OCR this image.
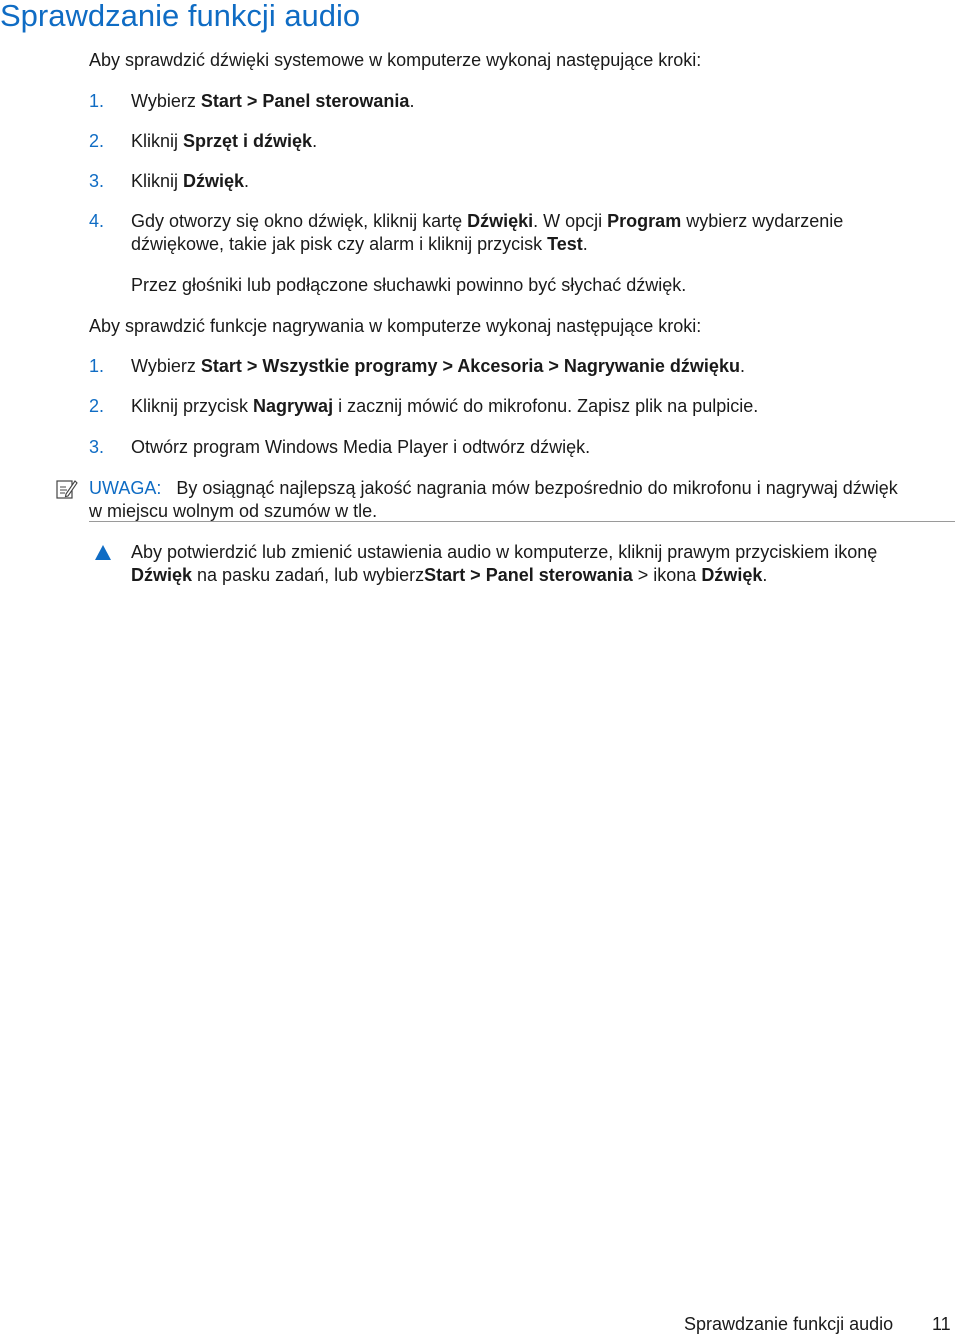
Sprawdzanie funkcji audio
Aby sprawdzić dźwięki systemowe w komputerze wykonaj następujące kroki:
1. Wybierz Start > Panel sterowania.
2. Kliknij Sprzęt i dźwięk.
3. Kliknij Dźwięk.
4. Gdy otworzy się okno dźwięk, kliknij kartę Dźwięki. W opcji Program wybierz wydarzenie
dźwiękowe, takie jak pisk czy alarm i kliknij przycisk Test.
Przez głośniki lub podłączone słuchawki powinno być słychać dźwięk.
Aby sprawdzić funkcje nagrywania w komputerze wykonaj następujące kroki:
1. Wybierz Start > Wszystkie programy > Akcesoria > Nagrywanie dźwięku.
2. Kliknij przycisk Nagrywaj i zacznij mówić do mikrofonu. Zapisz plik na pulpicie.
3. Otwórz program Windows Media Player i odtwórz dźwięk.
UWAGA: By osiągnąć najlepszą jakość nagrania mów bezpośrednio do mikrofonu i nagrywaj dźwięk
w miejscu wolnym od szumów w tle.
Aby potwierdzić lub zmienić ustawienia audio w komputerze, kliknij prawym przyciskiem ikonę
Dźwięk na pasku zadań, lub wybierzStart > Panel sterowania > ikona Dźwięk.
Sprawdzanie funkcji audio 11
